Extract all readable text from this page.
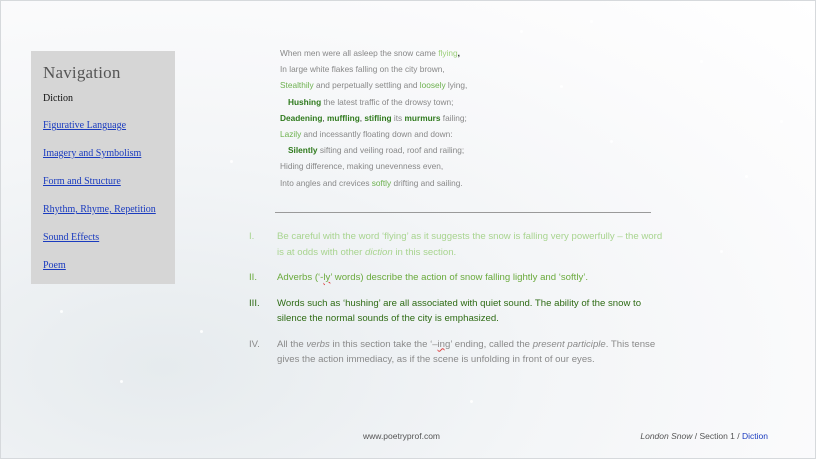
Navigation
Diction
Figurative Language
Imagery and Symbolism
Form and Structure
Rhythm, Rhyme, Repetition
Sound Effects
Poem
When men were all asleep the snow came flying,
In large white flakes falling on the city brown,
Stealthily and perpetually settling and loosely lying,
Hushing the latest traffic of the drowsy town;
Deadening, muffling, stifling its murmurs failing;
Lazily and incessantly floating down and down:
Silently sifting and veiling road, roof and railing;
Hiding difference, making unevenness even,
Into angles and crevices softly drifting and sailing.
I.	Be careful with the word ‘flying’ as it suggests the snow is falling very powerfully – the word is at odds with other diction in this section.
II.	Adverbs (‘-ly’ words) describe the action of snow falling lightly and ‘softly’.
III.	Words such as ‘hushing’ are all associated with quiet sound. The ability of the snow to silence the normal sounds of the city is emphasized.
IV.	All the verbs in this section take the ‘–ing’ ending, called the present participle. This tense gives the action immediacy, as if the scene is unfolding in front of our eyes.
www.poetryprof.com	London Snow / Section 1 / Diction
